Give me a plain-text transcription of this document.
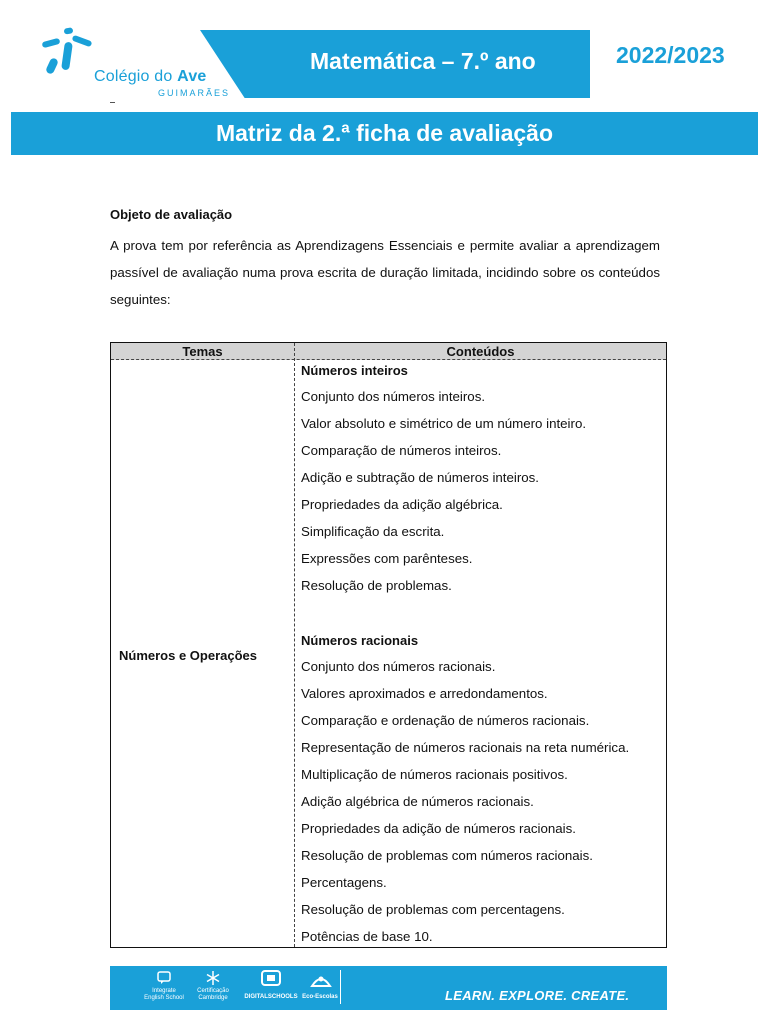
Colégio do Ave
GUIMARÃES
Matemática – 7.º ano	2022/2023
Matriz da 2.ª ficha de avaliação
Objeto de avaliação
A prova tem por referência as Aprendizagens Essenciais e permite avaliar a aprendizagem passível de avaliação numa prova escrita de duração limitada, incidindo sobre os conteúdos seguintes:
Temas	Conteúdos
Números e Operações
Números inteiros
Conjunto dos números inteiros.
Valor absoluto e simétrico de um número inteiro.
Comparação de números inteiros.
Adição e subtração de números inteiros.
Propriedades da adição algébrica.
Simplificação da escrita.
Expressões com parênteses.
Resolução de problemas.
Números racionais
Conjunto dos números racionais.
Valores aproximados e arredondamentos.
Comparação e ordenação de números racionais.
Representação de números racionais na reta numérica.
Multiplicação de números racionais positivos.
Adição algébrica de números racionais.
Propriedades da adição de números racionais.
Resolução de problemas com números racionais.
Percentagens.
Resolução de problemas com percentagens.
Potências de base 10.
Integrate
English School
Certificação
Cambridge	DIGITALSCHOOLS Eco-Escolas	LEARN. EXPLORE. CREATE.
